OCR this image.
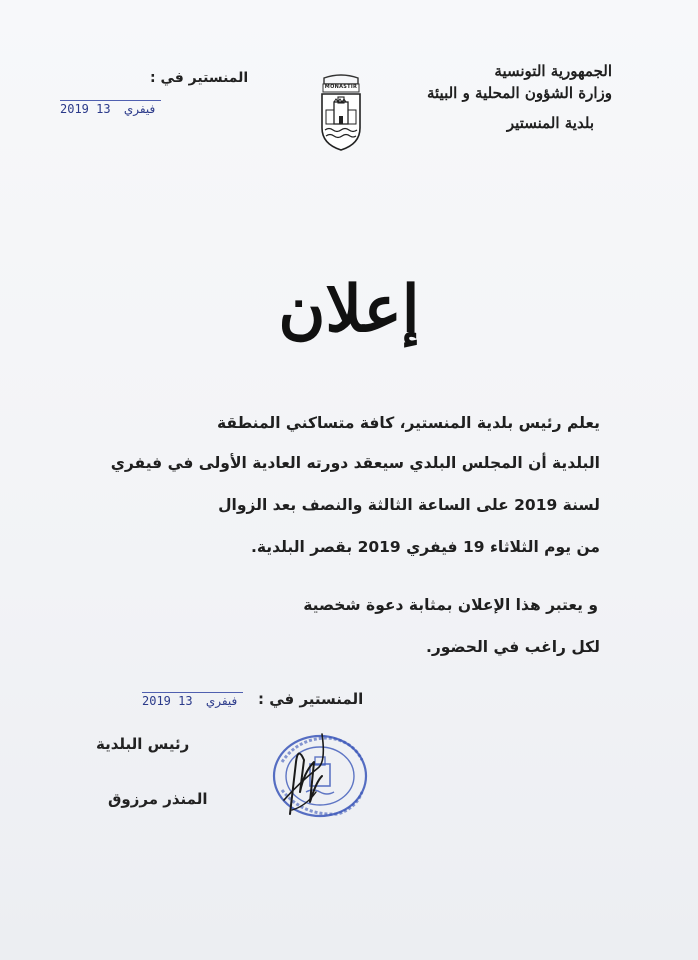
الجمهورية التونسية
وزارة الشؤون المحلية و البيئة
بلدية المنستير
MONASTIR
المنستير في :
2019	فيفري 13
إعلان
يعلم رئيس بلدية المنستير، كافة متساكني المنطقة
البلدية أن المجلس البلدي سيعقد دورته العادية الأولى في فيفري
لسنة 2019 على الساعة الثالثة والنصف بعد الزوال
من يوم الثلاثاء 19 فيفري 2019 بقصر البلدية.
و يعتبر هذا الإعلان بمثابة دعوة شخصية
لكل راغب في الحضور.
المنستير في :
2019	فيفري 13
رئيس البلدية
المنذر مرزوق
